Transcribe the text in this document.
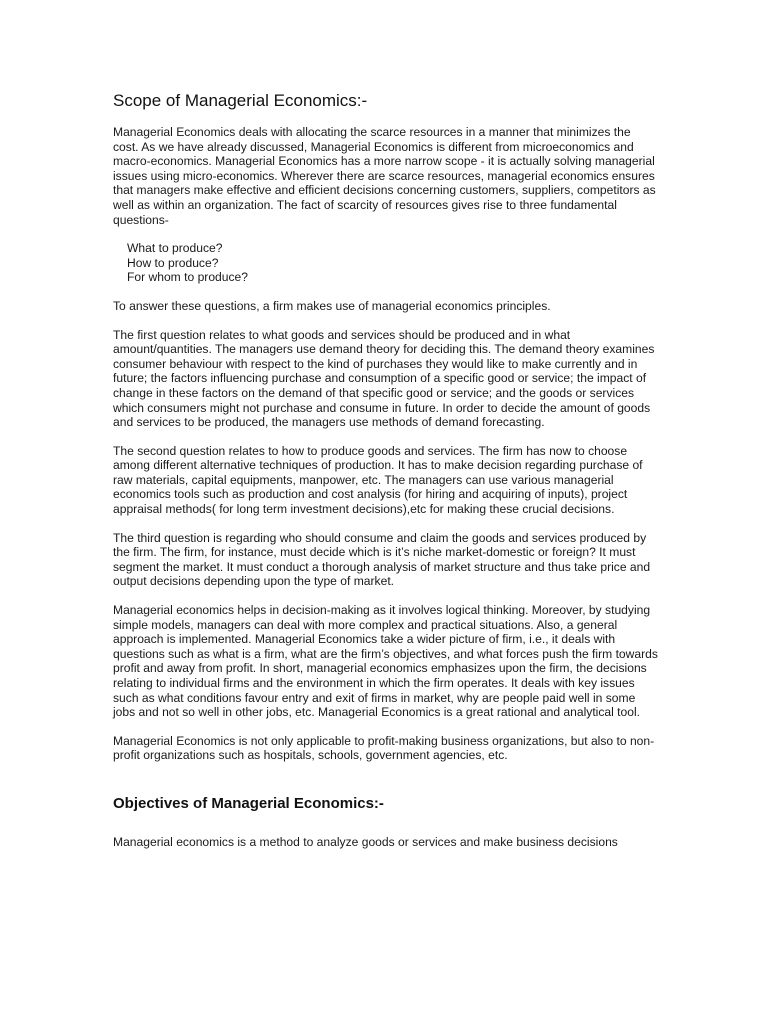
Scope of Managerial Economics:-

Managerial Economics deals with allocating the scarce resources in a manner that minimizes the cost. As we have already discussed, Managerial Economics is different from microeconomics and macro-economics. Managerial Economics has a more narrow scope - it is actually solving managerial issues using micro-economics. Wherever there are scarce resources, managerial economics ensures that managers make effective and efficient decisions concerning customers, suppliers, competitors as well as within an organization. The fact of scarcity of resources gives rise to three fundamental questions-

What to produce?
How to produce?
For whom to produce?

To answer these questions, a firm makes use of managerial economics principles.

The first question relates to what goods and services should be produced and in what amount/quantities. The managers use demand theory for deciding this. The demand theory examines consumer behaviour with respect to the kind of purchases they would like to make currently and in future; the factors influencing purchase and consumption of a specific good or service; the impact of change in these factors on the demand of that specific good or service; and the goods or services which consumers might not purchase and consume in future. In order to decide the amount of goods and services to be produced, the managers use methods of demand forecasting.

The second question relates to how to produce goods and services. The firm has now to choose among different alternative techniques of production. It has to make decision regarding purchase of raw materials, capital equipments, manpower, etc. The managers can use various managerial economics tools such as production and cost analysis (for hiring and acquiring of inputs), project appraisal methods( for long term investment decisions),etc for making these crucial decisions.

The third question is regarding who should consume and claim the goods and services produced by the firm. The firm, for instance, must decide which is it’s niche market-domestic or foreign? It must segment the market. It must conduct a thorough analysis of market structure and thus take price and output decisions depending upon the type of market.

Managerial economics helps in decision-making as it involves logical thinking. Moreover, by studying simple models, managers can deal with more complex and practical situations. Also, a general approach is implemented. Managerial Economics take a wider picture of firm, i.e., it deals with questions such as what is a firm, what are the firm’s objectives, and what forces push the firm towards profit and away from profit. In short, managerial economics emphasizes upon the firm, the decisions relating to individual firms and the environment in which the firm operates. It deals with key issues such as what conditions favour entry and exit of firms in market, why are people paid well in some jobs and not so well in other jobs, etc. Managerial Economics is a great rational and analytical tool.

Managerial Economics is not only applicable to profit-making business organizations, but also to non- profit organizations such as hospitals, schools, government agencies, etc.

Objectives of Managerial Economics:-

Managerial economics is a method to analyze goods or services and make business decisions
